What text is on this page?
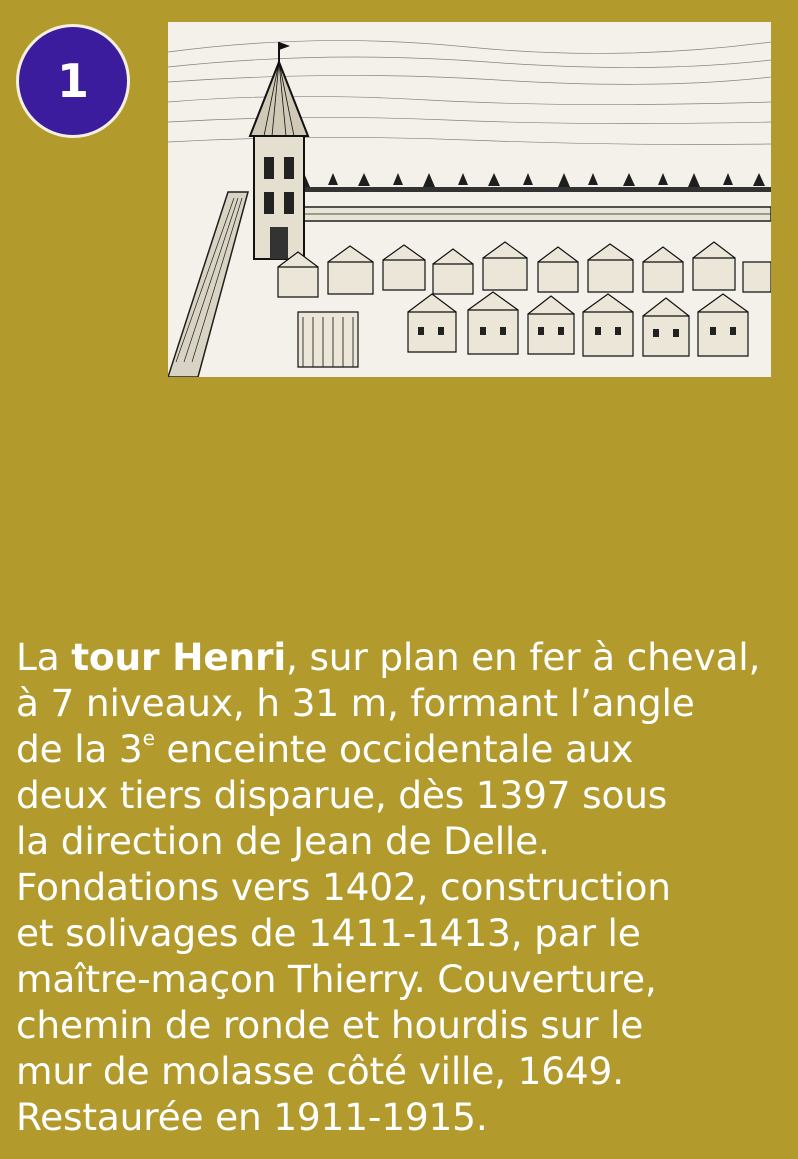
1
La tour Henri, sur plan en fer à cheval,
à 7 niveaux, h 31 m, formant l’angle
de la 3e enceinte occidentale aux
deux tiers disparue, dès 1397 sous
la direction de Jean de Delle.
Fondations vers 1402, construction
et solivages de 1411-1413, par le
maître-maçon Thierry. Couverture,
chemin de ronde et hourdis sur le
mur de molasse côté ville, 1649.
Restaurée en 1911-1915.
